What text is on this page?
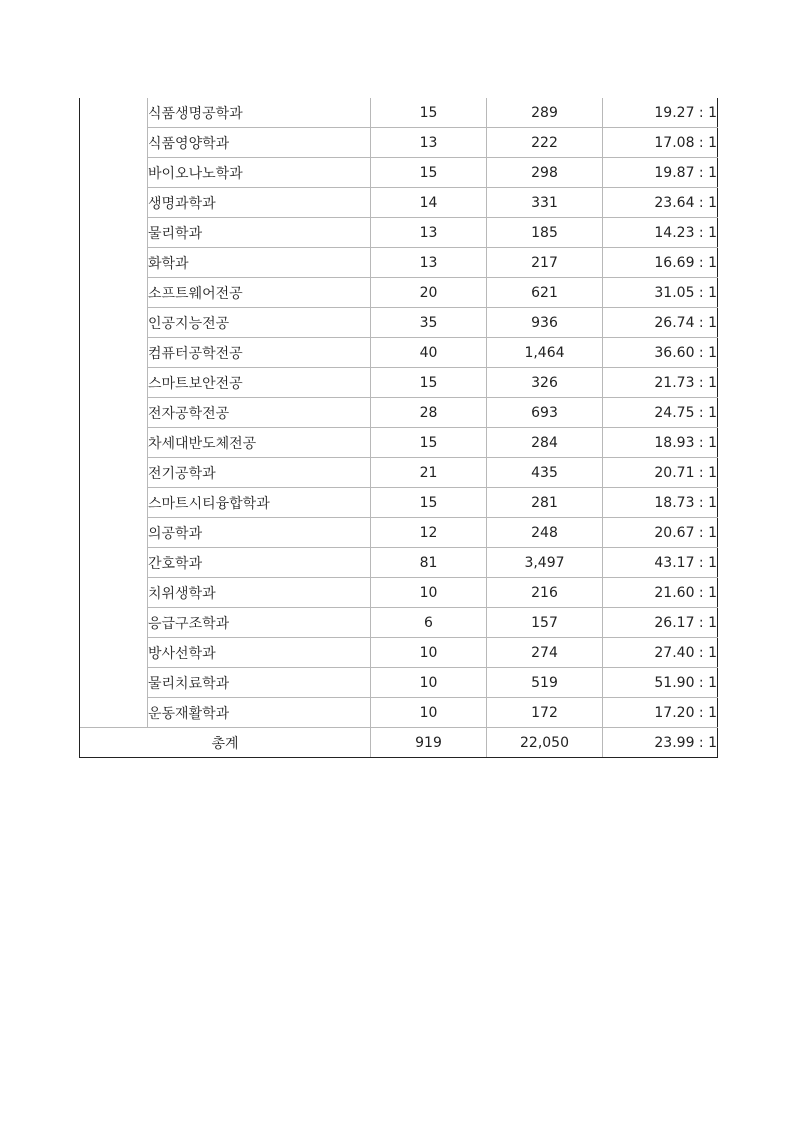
	식품생명공학과	15	289	19.27 : 1
	식품영양학과	13	222	17.08 : 1
	바이오나노학과	15	298	19.87 : 1
	생명과학과	14	331	23.64 : 1
	물리학과	13	185	14.23 : 1
	화학과	13	217	16.69 : 1
	소프트웨어전공	20	621	31.05 : 1
	인공지능전공	35	936	26.74 : 1
	컴퓨터공학전공	40	1,464	36.60 : 1
	스마트보안전공	15	326	21.73 : 1
	전자공학전공	28	693	24.75 : 1
	차세대반도체전공	15	284	18.93 : 1
	전기공학과	21	435	20.71 : 1
	스마트시티융합학과	15	281	18.73 : 1
	의공학과	12	248	20.67 : 1
	간호학과	81	3,497	43.17 : 1
	치위생학과	10	216	21.60 : 1
	응급구조학과	6	157	26.17 : 1
	방사선학과	10	274	27.40 : 1
	물리치료학과	10	519	51.90 : 1
	운동재활학과	10	172	17.20 : 1
총계		919	22,050	23.99 : 1
